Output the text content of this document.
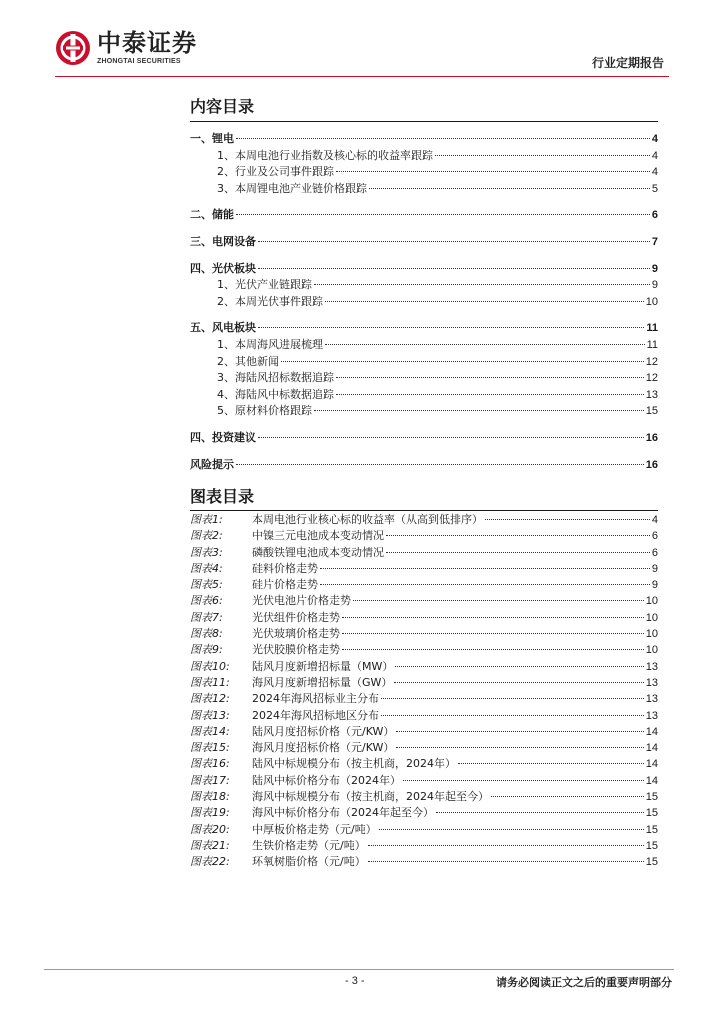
中泰证券
ZHONGTAI SECURITIES	行业定期报告
内容目录
一、锂电	4
1、本周电池行业指数及核心标的收益率跟踪	4
2、行业及公司事件跟踪	4
3、本周锂电池产业链价格跟踪	5
二、储能	6
三、电网设备	7
四、光伏板块	9
1、光伏产业链跟踪	9
2、本周光伏事件跟踪	10
五、风电板块	11
1、本周海风进展梳理	11
2、其他新闻	12
3、海陆风招标数据追踪	12
4、海陆风中标数据追踪	13
5、原材料价格跟踪	15
四、投资建议	16
风险提示	16
图表目录
图表1:	本周电池行业核心标的收益率（从高到低排序）	4
图表2:	中镍三元电池成本变动情况	6
图表3:	磷酸铁锂电池成本变动情况	6
图表4:	硅料价格走势	9
图表5:	硅片价格走势	9
图表6:	光伏电池片价格走势	10
图表7:	光伏组件价格走势	10
图表8:	光伏玻璃价格走势	10
图表9:	光伏胶膜价格走势	10
图表10:	陆风月度新增招标量（MW）	13
图表11:	海风月度新增招标量（GW）	13
图表12:	2024年海风招标业主分布	13
图表13:	2024年海风招标地区分布	13
图表14:	陆风月度招标价格（元/KW）	14
图表15:	海风月度招标价格（元/KW）	14
图表16:	陆风中标规模分布（按主机商，2024年）	14
图表17:	陆风中标价格分布（2024年）	14
图表18:	海风中标规模分布（按主机商，2024年起至今）	15
图表19:	海风中标价格分布（2024年起至今）	15
图表20:	中厚板价格走势（元/吨）	15
图表21:	生铁价格走势（元/吨）	15
图表22:	环氧树脂价格（元/吨）	15
- 3 -	请务必阅读正文之后的重要声明部分
